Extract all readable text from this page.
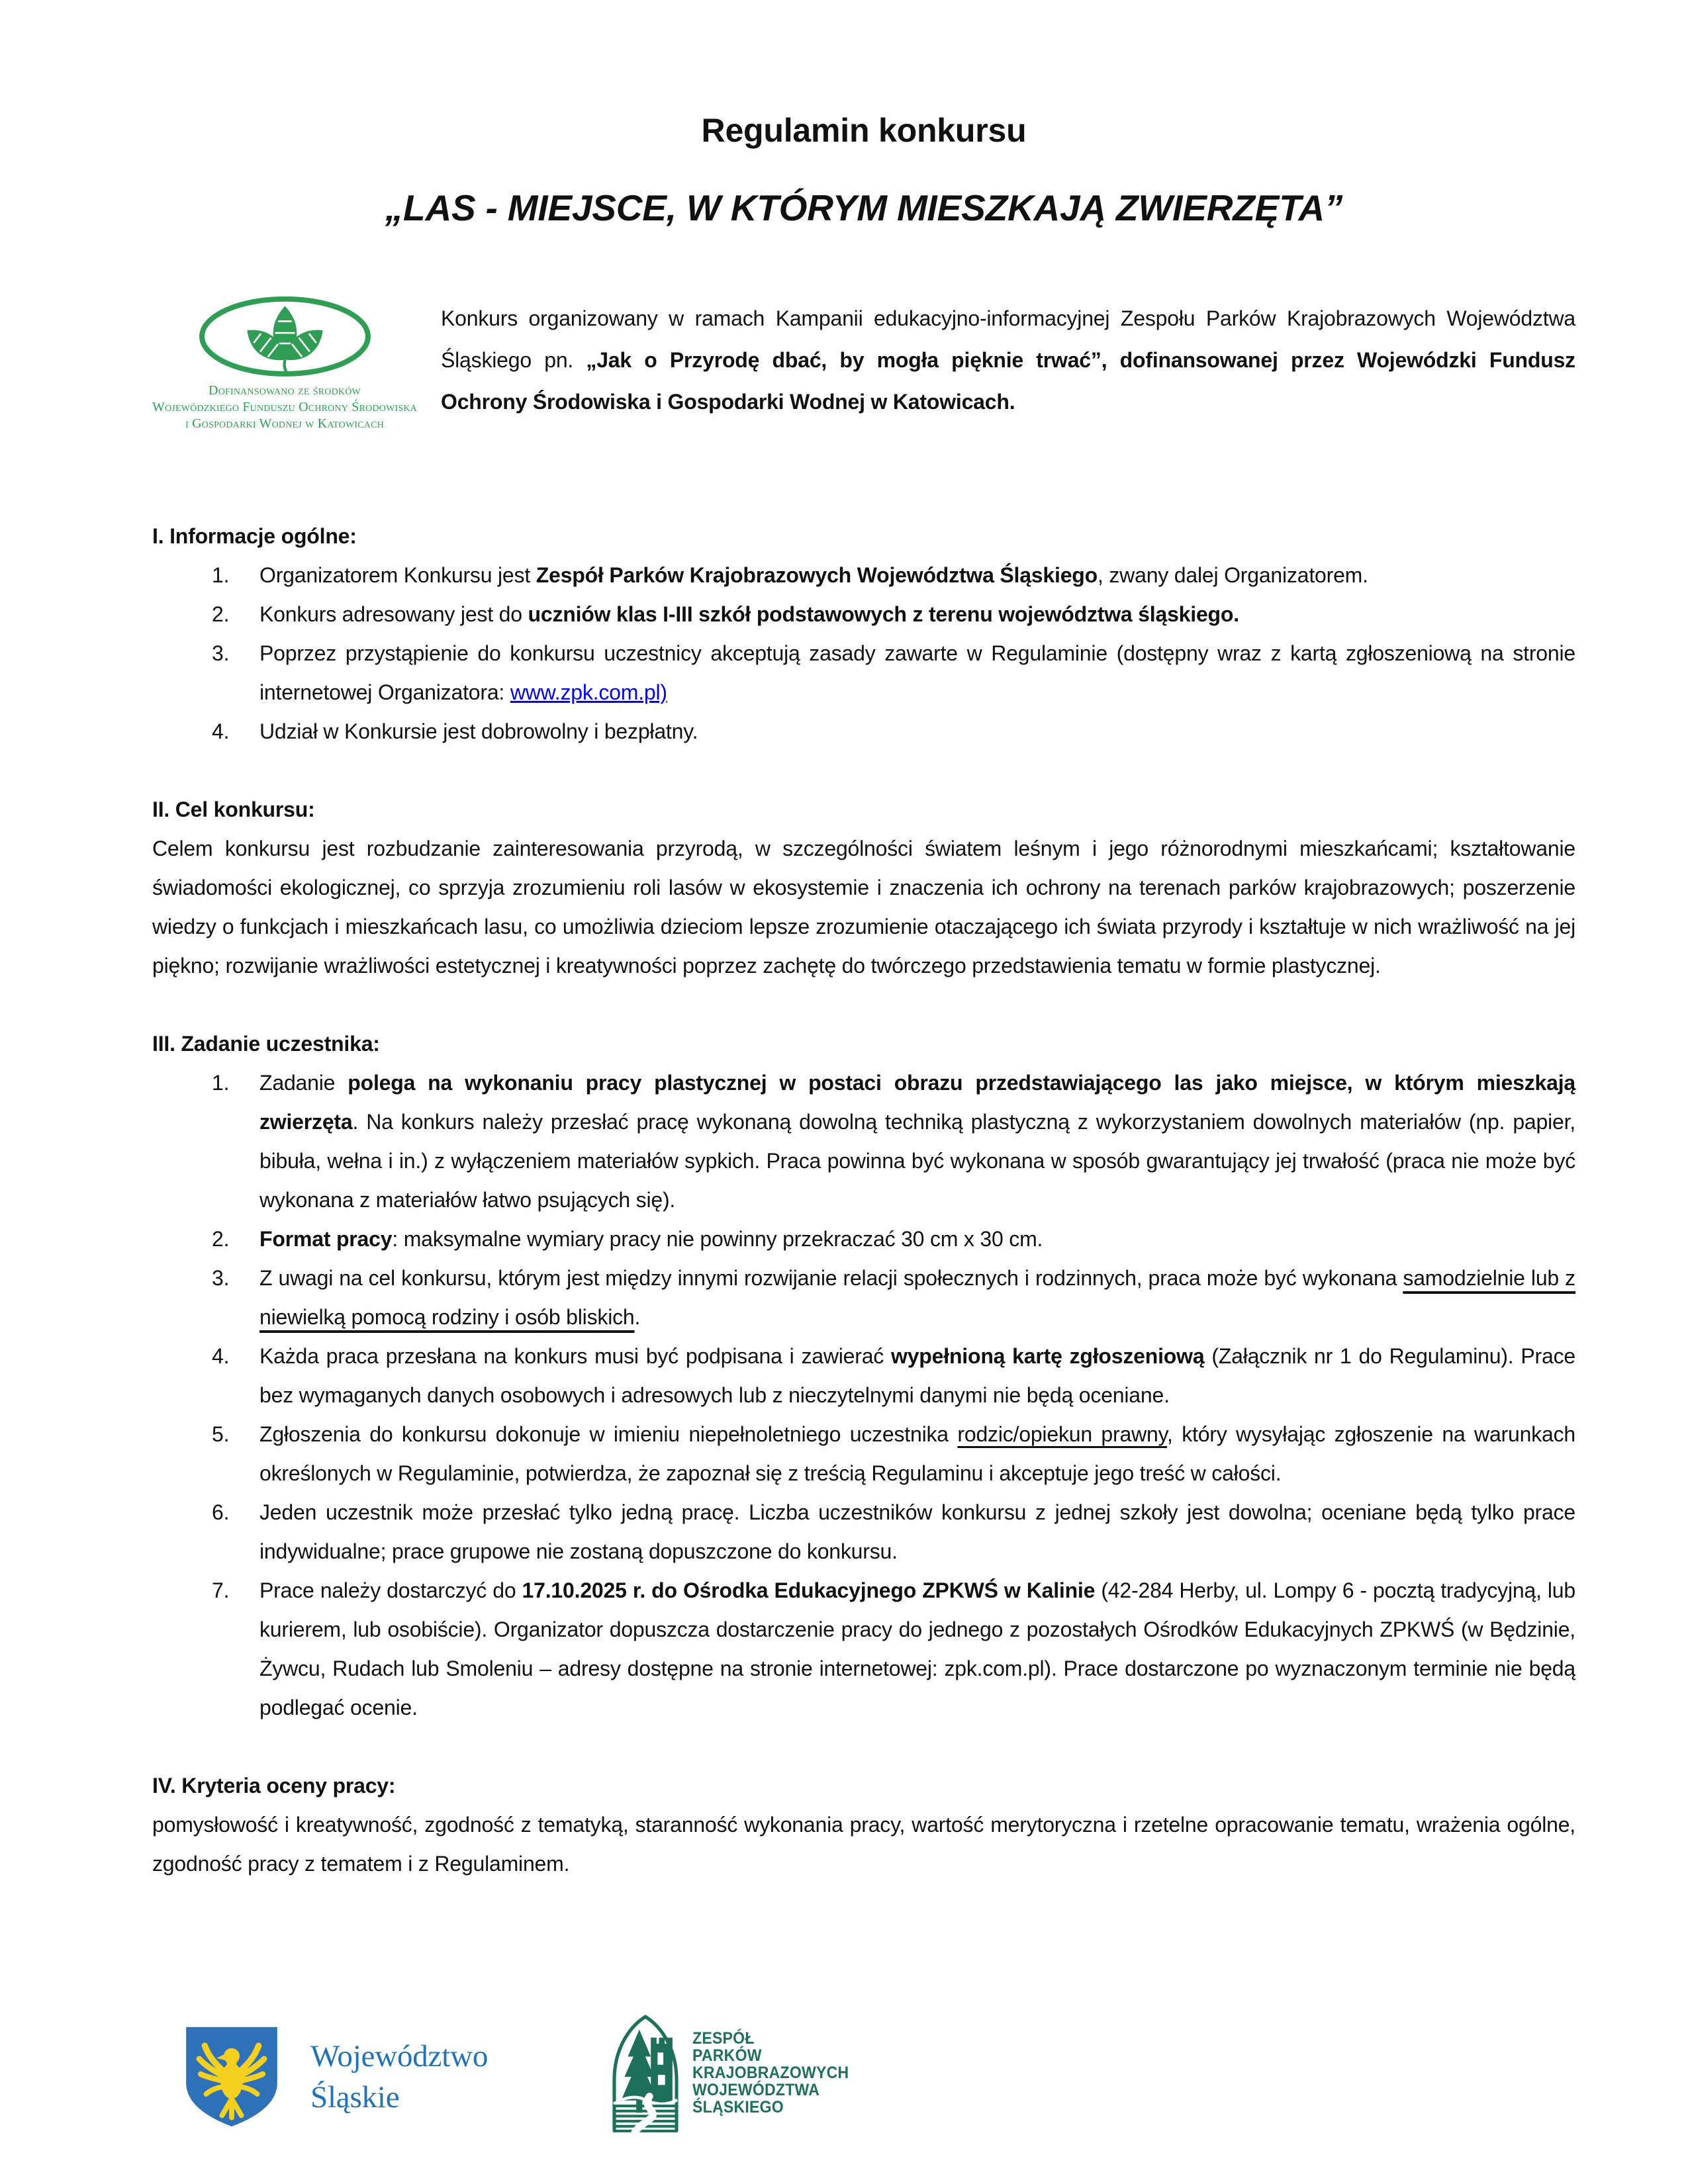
Regulamin konkursu
„LAS - MIEJSCE, W KTÓRYM MIESZKAJĄ ZWIERZĘTA”
Dofinansowano ze środków
Wojewódzkiego Funduszu Ochrony Środowiska
i Gospodarki Wodnej w Katowicach
Konkurs organizowany w ramach Kampanii edukacyjno-informacyjnej Zespołu Parków Krajobrazowych Województwa Śląskiego pn. „Jak o Przyrodę dbać, by mogła pięknie trwać”, dofinansowanej przez Wojewódzki Fundusz Ochrony Środowiska i Gospodarki Wodnej w Katowicach.
I. Informacje ogólne:
1.	Organizatorem Konkursu jest Zespół Parków Krajobrazowych Województwa Śląskiego, zwany dalej Organizatorem.
2.	Konkurs adresowany jest do uczniów klas I-III szkół podstawowych z terenu województwa śląskiego.
3.	Poprzez przystąpienie do konkursu uczestnicy akceptują zasady zawarte w Regulaminie (dostępny wraz z kartą zgłoszeniową na stronie internetowej Organizatora: www.zpk.com.pl)
4.	Udział w Konkursie jest dobrowolny i bezpłatny.
II. Cel konkursu:
Celem konkursu jest rozbudzanie zainteresowania przyrodą, w szczególności światem leśnym i jego różnorodnymi mieszkańcami; kształtowanie świadomości ekologicznej, co sprzyja zrozumieniu roli lasów w ekosystemie i znaczenia ich ochrony na terenach parków krajobrazowych; poszerzenie wiedzy o funkcjach i mieszkańcach lasu, co umożliwia dzieciom lepsze zrozumienie otaczającego ich świata przyrody i kształtuje w nich wrażliwość na jej piękno; rozwijanie wrażliwości estetycznej i kreatywności poprzez zachętę do twórczego przedstawienia tematu w formie plastycznej.
III. Zadanie uczestnika:
1.	Zadanie polega na wykonaniu pracy plastycznej w postaci obrazu przedstawiającego las jako miejsce, w którym mieszkają zwierzęta. Na konkurs należy przesłać pracę wykonaną dowolną techniką plastyczną z wykorzystaniem dowolnych materiałów (np. papier, bibuła, wełna i in.) z wyłączeniem materiałów sypkich. Praca powinna być wykonana w sposób gwarantujący jej trwałość (praca nie może być wykonana z materiałów łatwo psujących się).
2.	Format pracy: maksymalne wymiary pracy nie powinny przekraczać 30 cm x 30 cm.
3.	Z uwagi na cel konkursu, którym jest między innymi rozwijanie relacji społecznych i rodzinnych, praca może być wykonana samodzielnie lub z niewielką pomocą rodziny i osób bliskich.
4.	Każda praca przesłana na konkurs musi być podpisana i zawierać wypełnioną kartę zgłoszeniową (Załącznik nr 1 do Regulaminu). Prace bez wymaganych danych osobowych i adresowych lub z nieczytelnymi danymi nie będą oceniane.
5.	Zgłoszenia do konkursu dokonuje w imieniu niepełnoletniego uczestnika rodzic/opiekun prawny, który wysyłając zgłoszenie na warunkach określonych w Regulaminie, potwierdza, że zapoznał się z treścią Regulaminu i akceptuje jego treść w całości.
6.	Jeden uczestnik może przesłać tylko jedną pracę. Liczba uczestników konkursu z jednej szkoły jest dowolna; oceniane będą tylko prace indywidualne; prace grupowe nie zostaną dopuszczone do konkursu.
7.	Prace należy dostarczyć do 17.10.2025 r. do Ośrodka Edukacyjnego ZPKWŚ w Kalinie (42-284 Herby, ul. Lompy 6 - pocztą tradycyjną, lub kurierem, lub osobiście). Organizator dopuszcza dostarczenie pracy do jednego z pozostałych Ośrodków Edukacyjnych ZPKWŚ (w Będzinie, Żywcu, Rudach lub Smoleniu – adresy dostępne na stronie internetowej: zpk.com.pl). Prace dostarczone po wyznaczonym terminie nie będą podlegać ocenie.
IV. Kryteria oceny pracy:
pomysłowość i kreatywność, zgodność z tematyką, staranność wykonania pracy, wartość merytoryczna i rzetelne opracowanie tematu, wrażenia ogólne, zgodność pracy z tematem i z Regulaminem.
Województwo
Śląskie
ZESPÓŁ
PARKÓW
KRAJOBRAZOWYCH
WOJEWÓDZTWA
ŚLĄSKIEGO
